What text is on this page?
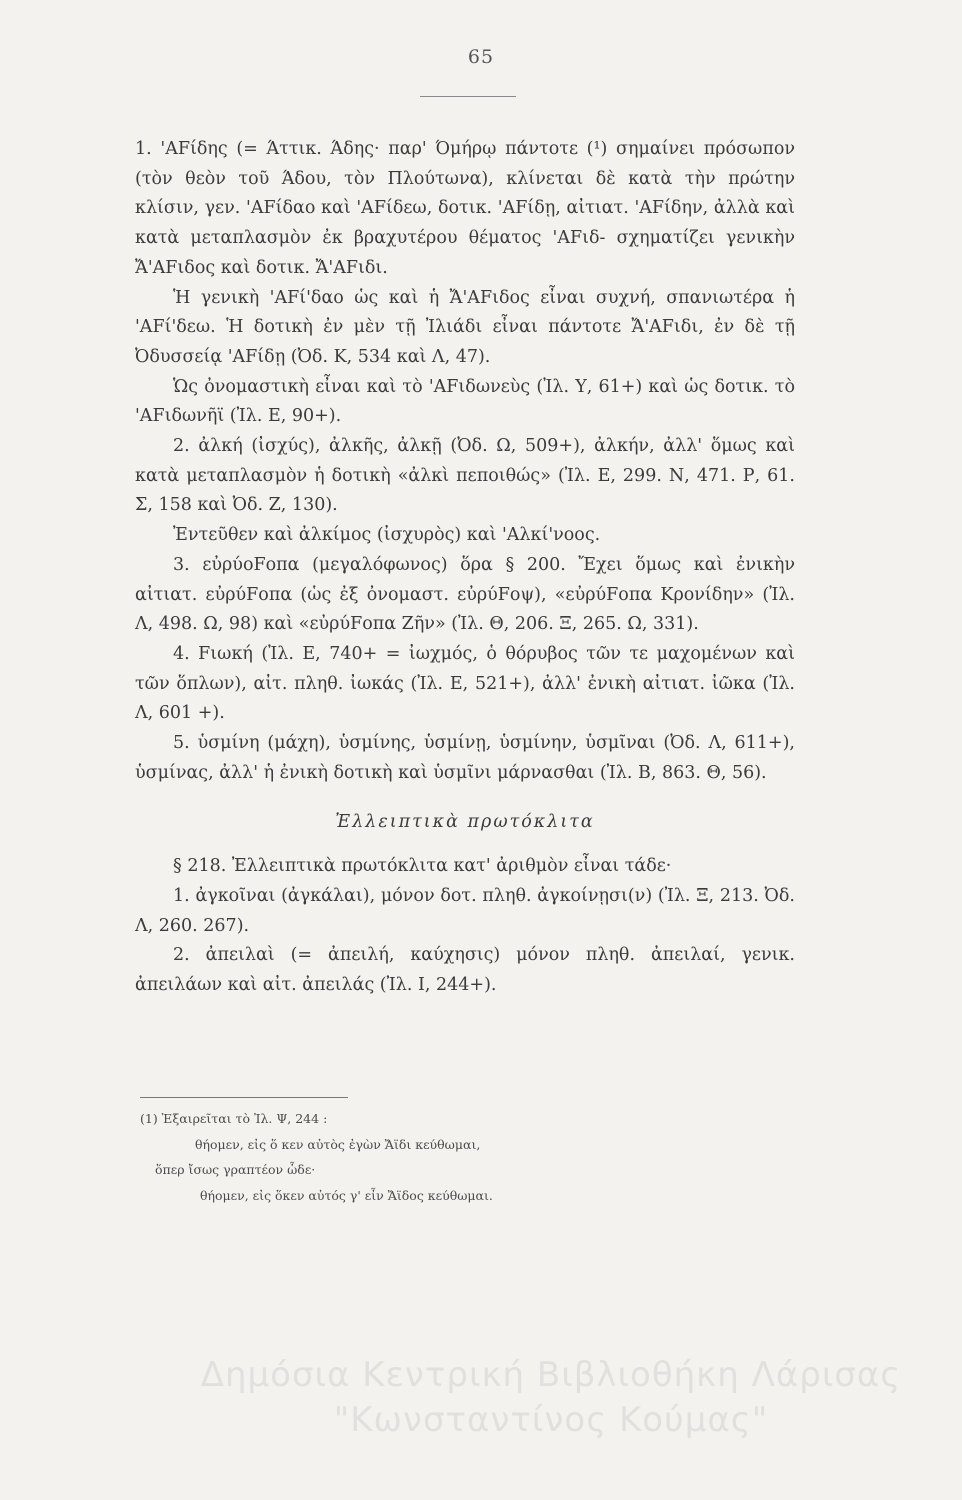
65

1. 'ΑFίδης (= Άττικ. Άδης· παρ' Όμήρῳ πάντοτε (¹) σημαίνει πρόσωπον (τὸν θεὸν τοῦ Άδου, τὸν Πλούτωνα), κλίνεται δὲ κατὰ τὴν πρώτην κλίσιν, γεν. 'ΑFίδαο καὶ 'ΑFίδεω, δοτικ. 'ΑFίδῃ, αἰτιατ. 'ΑFίδην, ἀλλὰ καὶ κατὰ μεταπλασμὸν ἐκ βραχυτέρου θέματος 'ΑFιδ- σχηματίζει γενικὴν Ἄ'ΑFιδος καὶ δοτικ. Ἄ'ΑFιδι.

Ἡ γενικὴ 'ΑFί'δαο ὡς καὶ ἡ Ἄ'ΑFιδος εἶναι συχνή, σπανιωτέρα ἡ 'ΑFί'δεω. Ἡ δοτικὴ ἐν μὲν τῇ Ἰλιάδι εἶναι πάντοτε Ἄ'ΑFιδι, ἐν δὲ τῇ Ὀδυσσείᾳ 'ΑFίδῃ (Ὀδ. Κ, 534 καὶ Λ, 47).

Ὡς ὀνομαστικὴ εἶναι καὶ τὸ 'ΑFιδωνεὺς (Ἰλ. Υ, 61+) καὶ ὡς δοτικ. τὸ 'ΑFιδωνῆϊ (Ἰλ. Ε, 90+).

2. ἀλκή (ἰσχύς), ἀλκῆς, ἀλκῇ (Ὀδ. Ω, 509+), ἀλκήν, ἀλλ' ὅμως καὶ κατὰ μεταπλασμὸν ἡ δοτικὴ «ἀλκὶ πεποιθώς» (Ἰλ. Ε, 299. Ν, 471. Ρ, 61. Σ, 158 καὶ Ὀδ. Ζ, 130).

Ἐντεῦθεν καὶ ἀλκίμος (ἰσχυρὸς) καὶ 'Αλκί'νοος.

3. εὐρύοFοπα (μεγαλόφωνος) ὅρα § 200. Ἔχει ὅμως καὶ ἐνικὴν αἰτιατ. εὐρύFοπα (ὡς ἐξ ὀνομαστ. εὐρύFοψ), «εὐρύFοπα Κρονίδην» (Ἰλ. Λ, 498. Ω, 98) καὶ «εὐρύFοπα Ζῆν» (Ἰλ. Θ, 206. Ξ, 265. Ω, 331).

4. Fιωκή (Ἰλ. Ε, 740+ = ἰωχμός, ὁ θόρυβος τῶν τε μαχομένων καὶ τῶν ὅπλων), αἰτ. πληθ. ἰωκάς (Ἰλ. Ε, 521+), ἀλλ' ἐνικὴ αἰτιατ. ἰῶκα (Ἰλ. Λ, 601 +).

5. ὑσμίνη (μάχη), ὑσμίνης, ὑσμίνῃ, ὑσμίνην, ὑσμῖναι (Ὀδ. Λ, 611+), ὑσμίνας, ἀλλ' ἡ ἐνικὴ δοτικὴ καὶ ὑσμῖνι μάρνασθαι (Ἰλ. Β, 863. Θ, 56).

Ἐλλειπτικὰ πρωτόκλιτα

§ 218. Ἐλλειπτικὰ πρωτόκλιτα κατ' ἀριθμὸν εἶναι τάδε·

1. ἀγκοῖναι (ἀγκάλαι), μόνον δοτ. πληθ. ἀγκοίνῃσι(ν) (Ἰλ. Ξ, 213. Ὀδ. Λ, 260. 267).

2. ἀπειλαὶ (= ἀπειλή, καύχησις) μόνον πληθ. ἀπειλαί, γενικ. ἀπειλάων καὶ αἰτ. ἀπειλάς (Ἰλ. Ι, 244+).

(1) Ἐξαιρεῖται τὸ Ἰλ. Ψ, 244 :

θήομεν, εἰς ὅ κεν αὐτὸς ἐγὼν Ἄϊδι κεύθωμαι,

ὅπερ ἴσως γραπτέον ὧδε·

θήομεν, εἰς ὅκεν αὐτός γ' εἶν Ἄϊδος κεύθωμαι.

Δημόσια Κεντρική Βιβλιοθήκη Λάρισας
"Κωνσταντίνος Κούμας"
